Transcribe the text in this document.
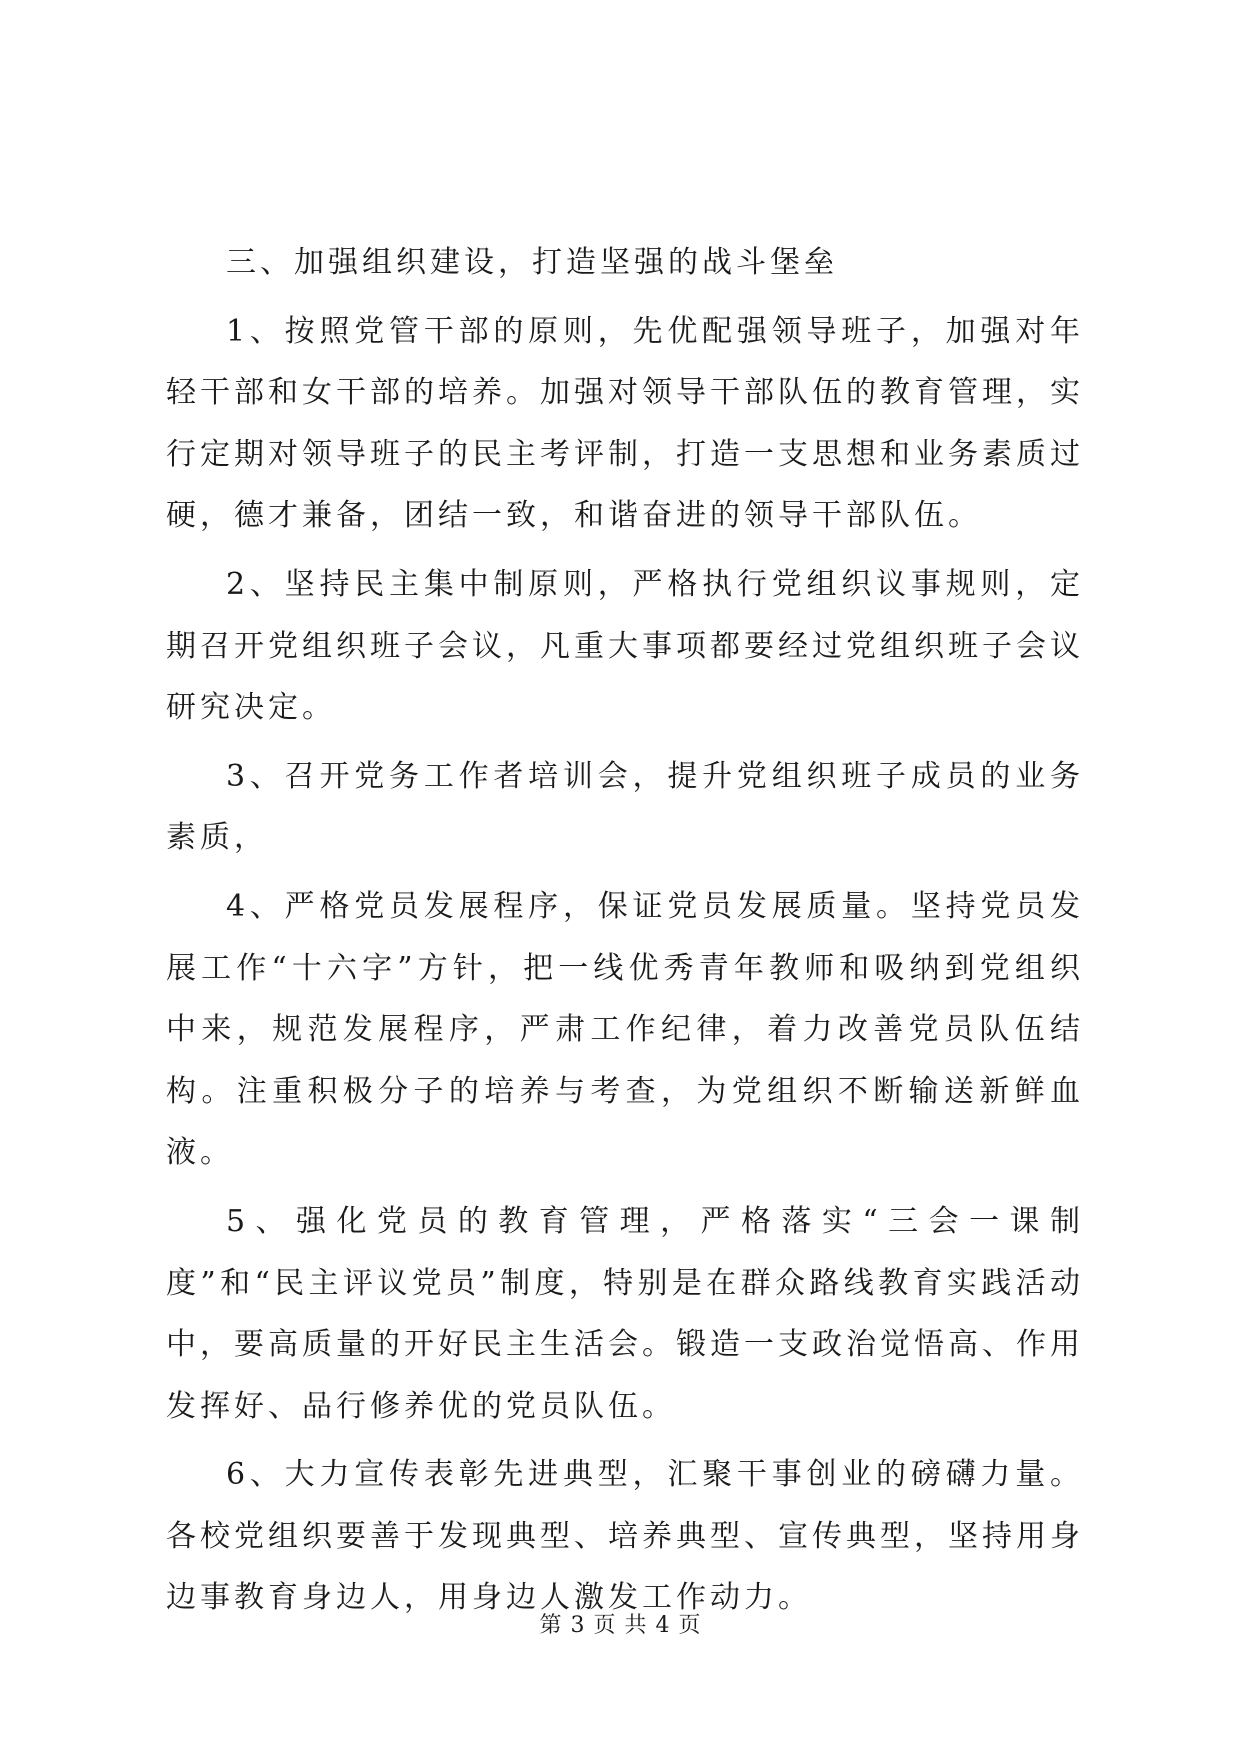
三、加强组织建设，打造坚强的战斗堡垒

1、按照党管干部的原则，先优配强领导班子，加强对年轻干部和女干部的培养。加强对领导干部队伍的教育管理，实行定期对领导班子的民主考评制，打造一支思想和业务素质过硬，德才兼备，团结一致，和谐奋进的领导干部队伍。

2、坚持民主集中制原则，严格执行党组织议事规则，定期召开党组织班子会议，凡重大事项都要经过党组织班子会议研究决定。

3、召开党务工作者培训会，提升党组织班子成员的业务素质，

4、严格党员发展程序，保证党员发展质量。坚持党员发展工作“十六字”方针，把一线优秀青年教师和吸纳到党组织中来，规范发展程序，严肃工作纪律，着力改善党员队伍结构。注重积极分子的培养与考查，为党组织不断输送新鲜血液。

5、强化党员的教育管理，严格落实“三会一课制度”和“民主评议党员”制度，特别是在群众路线教育实践活动中，要高质量的开好民主生活会。锻造一支政治觉悟高、作用发挥好、品行修养优的党员队伍。

6、大力宣传表彰先进典型，汇聚干事创业的磅礴力量。各校党组织要善于发现典型、培养典型、宣传典型，坚持用身边事教育身边人，用身边人激发工作动力。

第 3 页 共 4 页
